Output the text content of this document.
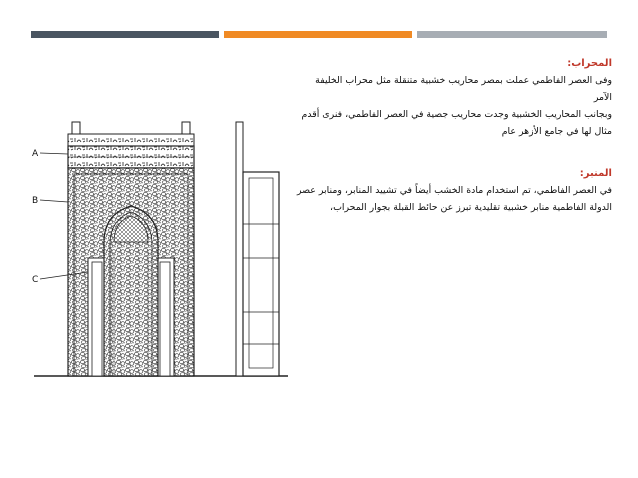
A
B
C
المحراب:
وفى العصر الفاطمي عملت بمصر محاريب خشبية متنقلة مثل محراب الخليفة
الآمر
وبجانب المحاريب الخشبية وجدت محاريب جصية في العصر الفاطمي، فنرى أقدم
مثال لها في جامع الأزهر عام
المنبر:
في العصر الفاطمي، تم استخدام مادة الخشب أيضاً في تشييد المنابر، ومنابر عصر
الدولة الفاطمية منابر خشبية تقليدية تبرز عن حائط القبلة بجوار المحراب،
